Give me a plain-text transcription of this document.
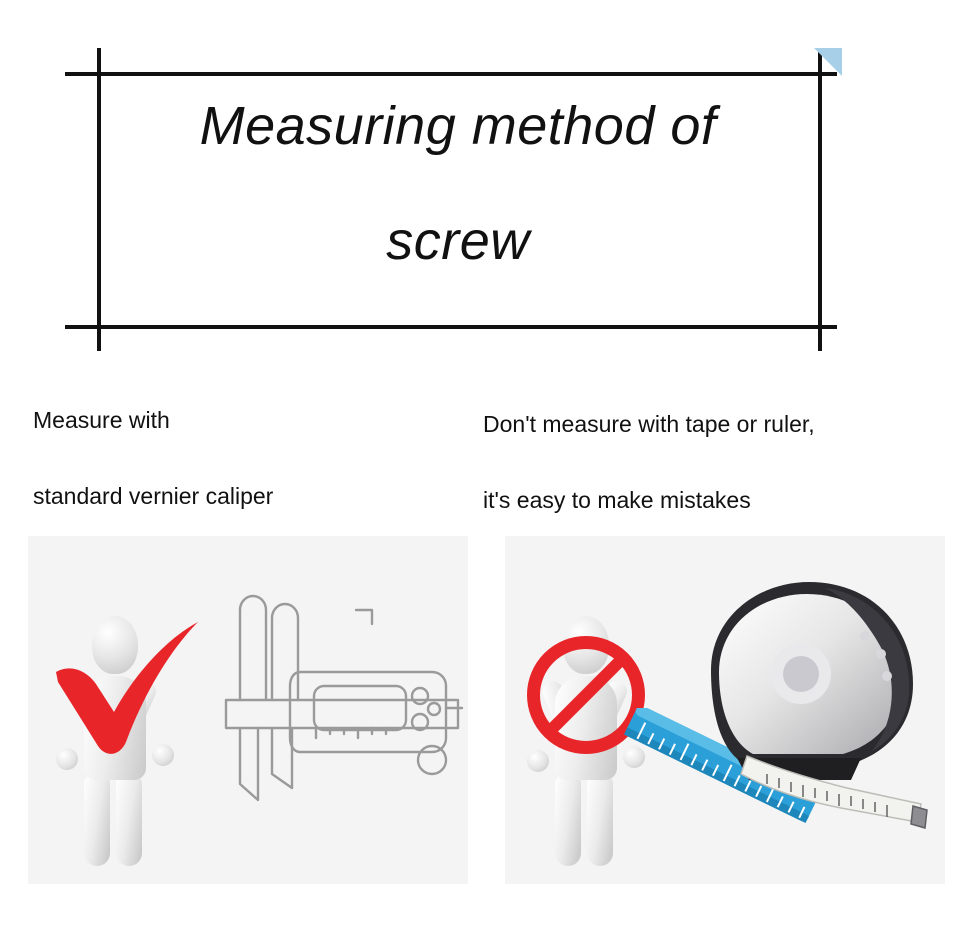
Measuring method of
screw
Measure with
standard vernier caliper
Don't measure with tape or ruler,
it's easy to make mistakes
